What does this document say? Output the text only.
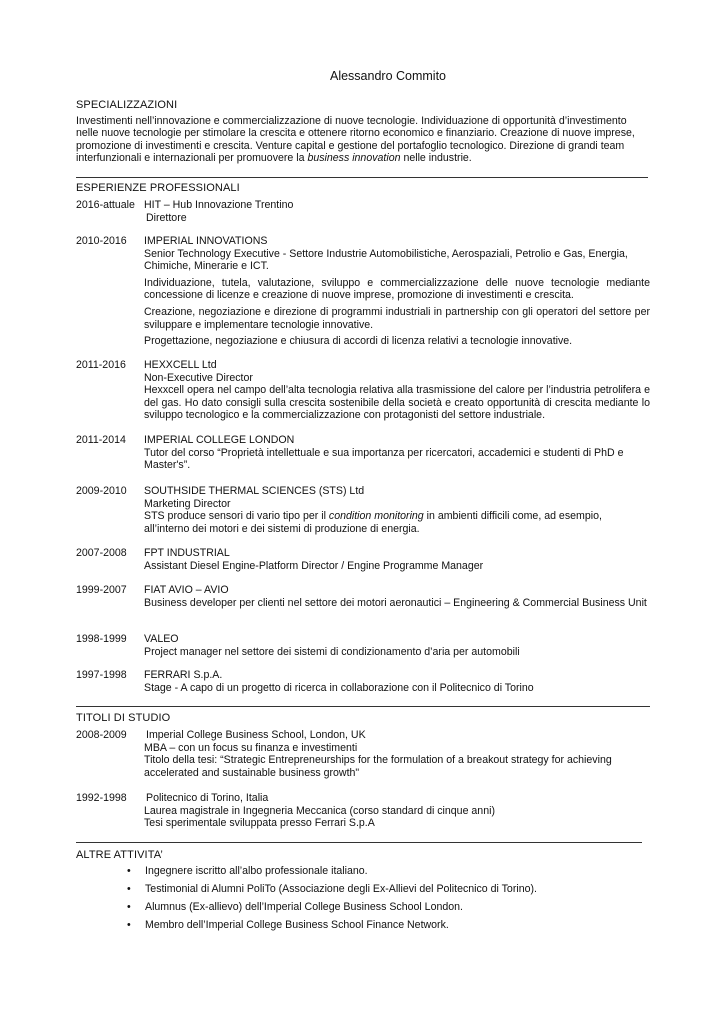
Alessandro Commito
SPECIALIZZAZIONI
Investimenti nell’innovazione e commercializzazione di nuove tecnologie. Individuazione di opportunità d’investimento nelle nuove tecnologie per stimolare la crescita e ottenere ritorno economico e finanziario. Creazione di nuove imprese, promozione di investimenti e crescita. Venture capital e gestione del portafoglio tecnologico. Direzione di grandi team interfunzionali e internazionali per promuovere la business innovation nelle industrie.
ESPERIENZE PROFESSIONALI
2016-attuale HIT – Hub Innovazione Trentino

Direttore

2010-2016 IMPERIAL INNOVATIONS

Senior Technology Executive - Settore Industrie Automobilistiche, Aerospaziali, Petrolio e Gas, Energia, Chimiche, Minerarie e ICT.

Individuazione, tutela, valutazione, sviluppo e commercializzazione delle nuove tecnologie mediante concessione di licenze e creazione di nuove imprese, promozione di investimenti e crescita.

Creazione, negoziazione e direzione di programmi industriali in partnership con gli operatori del settore per sviluppare e implementare tecnologie innovative.

Progettazione, negoziazione e chiusura di accordi di licenza relativi a tecnologie innovative.

2011-2016 HEXXCELL Ltd

Non-Executive Director

Hexxcell opera nel campo dell’alta tecnologia relativa alla trasmissione del calore per l’industria petrolifera e del gas. Ho dato consigli sulla crescita sostenibile della società e creato opportunità di crescita mediante lo sviluppo tecnologico e la commercializzazione con protagonisti del settore industriale.

2011-2014 IMPERIAL COLLEGE LONDON

Tutor del corso “Proprietà intellettuale e sua importanza per ricercatori, accademici e studenti di PhD e Master's”.

2009-2010 SOUTHSIDE THERMAL SCIENCES (STS) Ltd

Marketing Director

STS produce sensori di vario tipo per il condition monitoring in ambienti difficili come, ad esempio, all’interno dei motori e dei sistemi di produzione di energia.

2007-2008 FPT INDUSTRIAL

Assistant Diesel Engine-Platform Director / Engine Programme Manager

1999-2007 FIAT AVIO – AVIO

Business developer per clienti nel settore dei motori aeronautici – Engineering & Commercial Business Unit

1998-1999 VALEO

Project manager nel settore dei sistemi di condizionamento d’aria per automobili

1997-1998 FERRARI S.p.A.

Stage - A capo di un progetto di ricerca in collaborazione con il Politecnico di Torino

TITOLI DI STUDIO
2008-2009 Imperial College Business School, London, UK

MBA – con un focus su finanza e investimenti

Titolo della tesi: “Strategic Entrepreneurships for the formulation of a breakout strategy for achieving accelerated and sustainable business growth"

1992-1998 Politecnico di Torino, Italia

Laurea magistrale in Ingegneria Meccanica (corso standard di cinque anni)

Tesi sperimentale sviluppata presso Ferrari S.p.A

ALTRE ATTIVITA’
• Ingegnere iscritto all’albo professionale italiano.
• Testimonial di Alumni PoliTo (Associazione degli Ex-Allievi del Politecnico di Torino).
• Alumnus (Ex-allievo) dell’Imperial College Business School London.
• Membro dell’Imperial College Business School Finance Network.
